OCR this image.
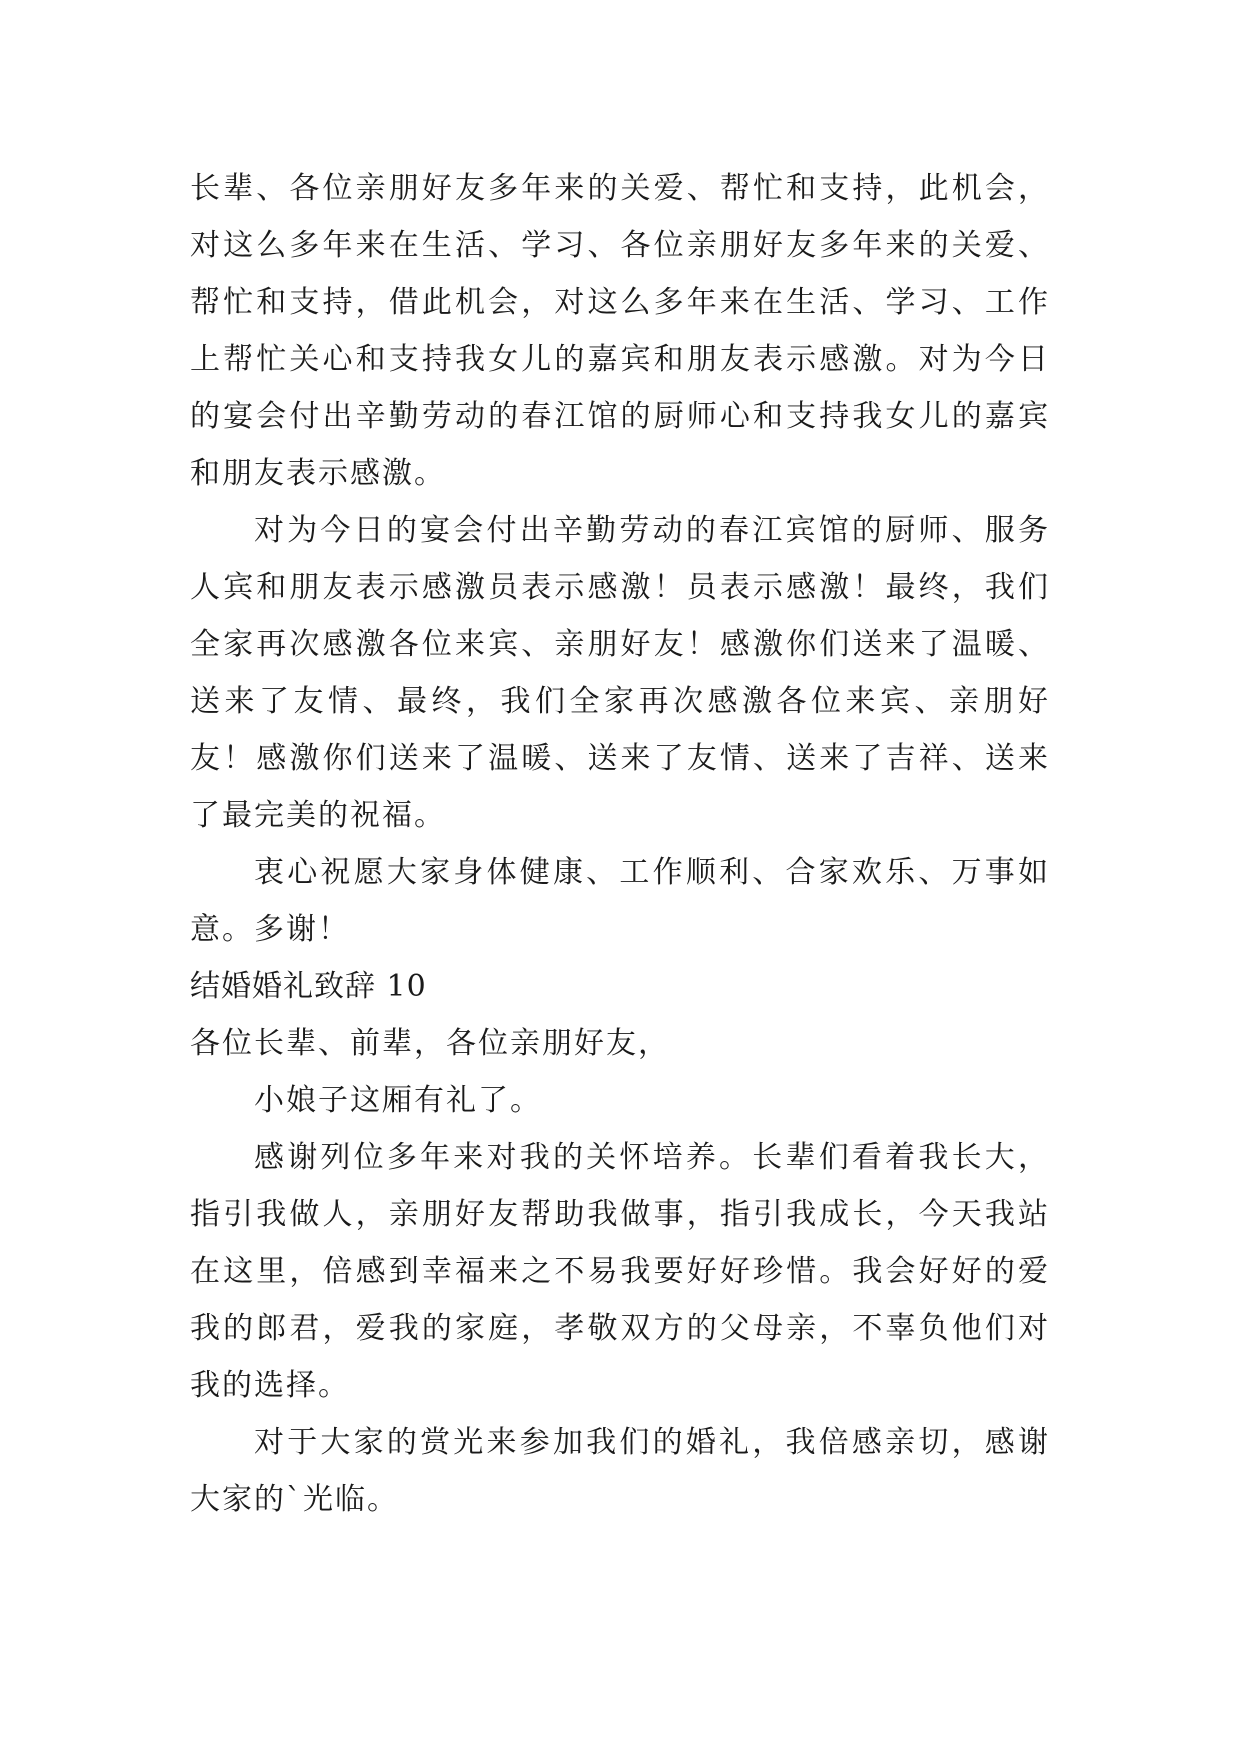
长辈、各位亲朋好友多年来的关爱、帮忙和支持，此机会，对这么多年来在生活、学习、各位亲朋好友多年来的关爱、帮忙和支持，借此机会，对这么多年来在生活、学习、工作上帮忙关心和支持我女儿的嘉宾和朋友表示感激。对为今日的宴会付出辛勤劳动的春江馆的厨师心和支持我女儿的嘉宾和朋友表示感激。

对为今日的宴会付出辛勤劳动的春江宾馆的厨师、服务人宾和朋友表示感激员表示感激！员表示感激！最终，我们全家再次感激各位来宾、亲朋好友！感激你们送来了温暖、送来了友情、最终，我们全家再次感激各位来宾、亲朋好友！感激你们送来了温暖、送来了友情、送来了吉祥、送来了最完美的祝福。

衷心祝愿大家身体健康、工作顺利、合家欢乐、万事如意。多谢！

结婚婚礼致辞 10

各位长辈、前辈，各位亲朋好友，

小娘子这厢有礼了。

感谢列位多年来对我的关怀培养。长辈们看着我长大，指引我做人，亲朋好友帮助我做事，指引我成长，今天我站在这里，倍感到幸福来之不易我要好好珍惜。我会好好的爱我的郎君，爱我的家庭，孝敬双方的父母亲，不辜负他们对我的选择。

对于大家的赏光来参加我们的婚礼，我倍感亲切，感谢大家的`光临。
